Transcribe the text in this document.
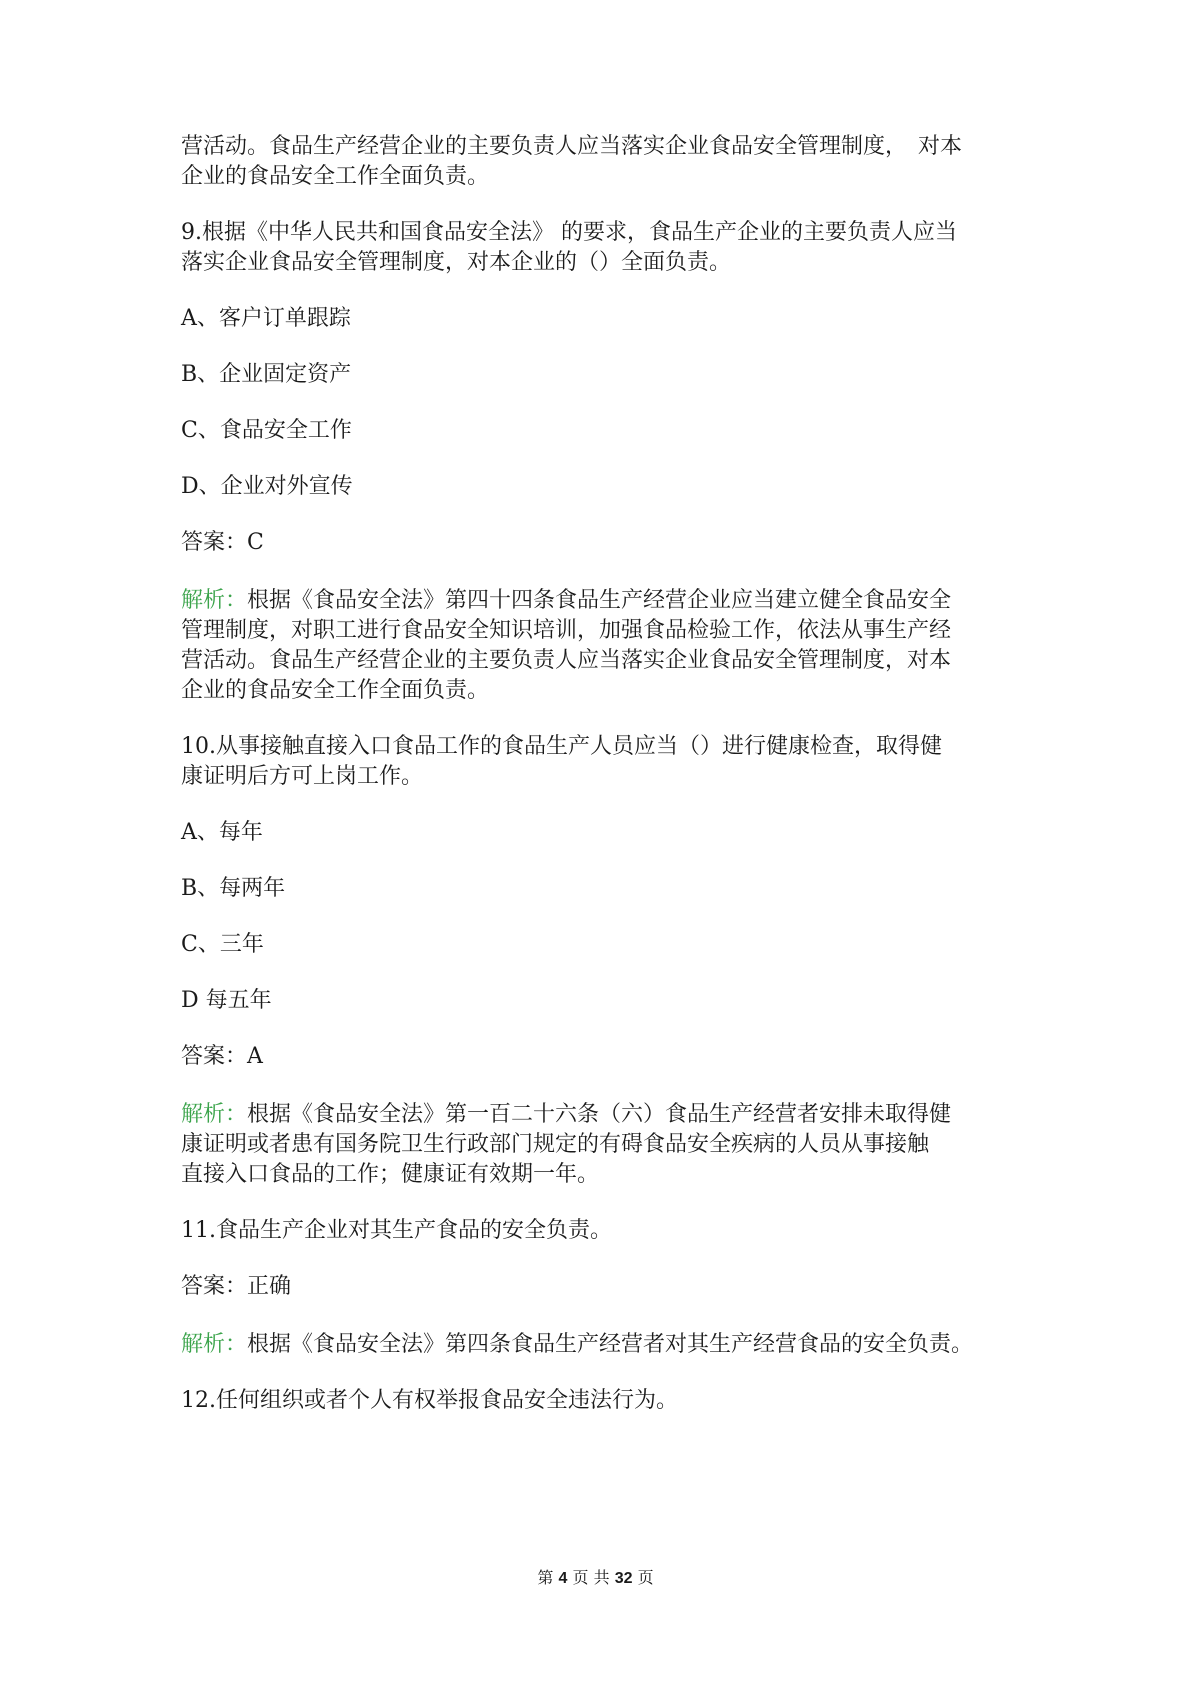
营活动。食品生产经营企业的主要负责人应当落实企业食品安全管理制度，　对本
企业的食品安全工作全面负责。
9.根据《中华人民共和国食品安全法》 的要求，食品生产企业的主要负责人应当
落实企业食品安全管理制度，对本企业的（）全面负责。
A、客户订单跟踪
B、企业固定资产
C、食品安全工作
D、企业对外宣传
答案：C
解析：根据《食品安全法》第四十四条食品生产经营企业应当建立健全食品安全
管理制度，对职工进行食品安全知识培训，加强食品检验工作，依法从事生产经
营活动。食品生产经营企业的主要负责人应当落实企业食品安全管理制度，对本
企业的食品安全工作全面负责。
10.从事接触直接入口食品工作的食品生产人员应当（）进行健康检查，取得健
康证明后方可上岗工作。
A、每年
B、每两年
C、三年
D 每五年
答案：A
解析：根据《食品安全法》第一百二十六条（六）食品生产经营者安排未取得健
康证明或者患有国务院卫生行政部门规定的有碍食品安全疾病的人员从事接触
直接入口食品的工作；健康证有效期一年。
11.食品生产企业对其生产食品的安全负责。
答案：正确
解析：根据《食品安全法》第四条食品生产经营者对其生产经营食品的安全负责。
12.任何组织或者个人有权举报食品安全违法行为。
第 4 页 共 32 页
